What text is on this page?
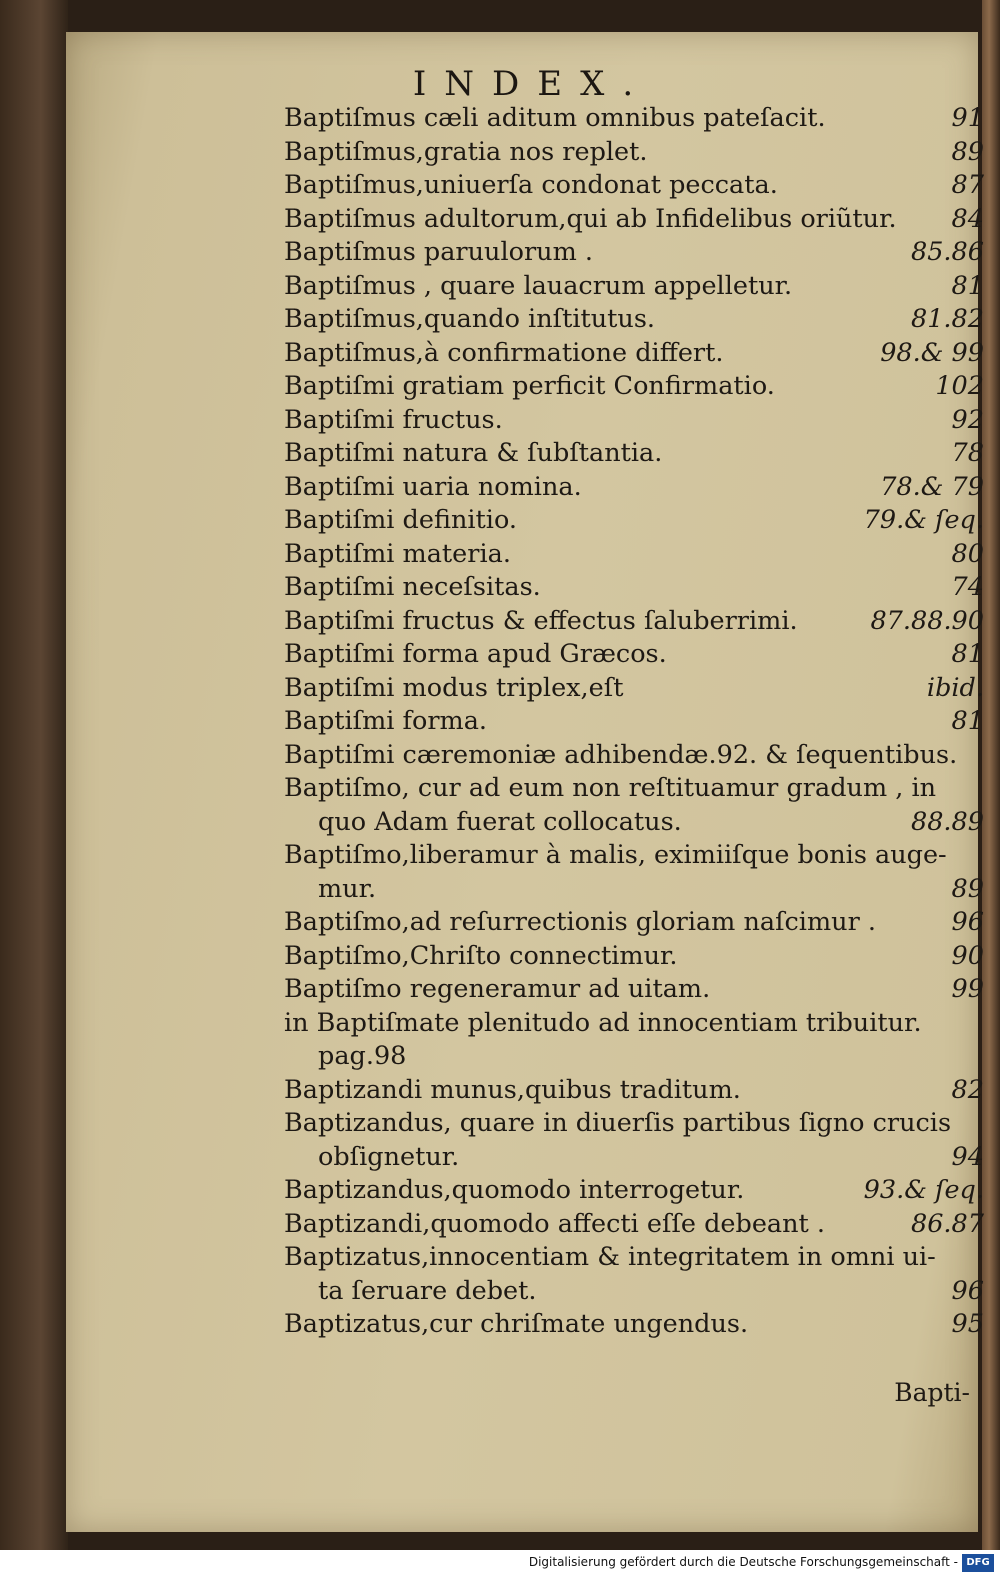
INDEX.
Baptiſmus cæli aditum omnibus pateſacit.	91
Baptiſmus,gratia nos replet.	89
Baptiſmus,uniuerſa condonat peccata.	87
Baptiſmus adultorum,qui ab Infidelibus oriũtur. 84
Baptiſmus paruulorum .	85.86
Baptiſmus , quare lauacrum appelletur.	81
Baptiſmus,quando inſtitutus.	81.82
Baptiſmus,à confirmatione differt.	98.& 99
Baptiſmi gratiam perficit Confirmatio.	102
Baptiſmi fructus.	92
Baptiſmi natura & ſubſtantia.	78
Baptiſmi uaria nomina.	78.& 79
Baptiſmi definitio.	79.& ſeq.
Baptiſmi materia.	80
Baptiſmi neceſsitas.	74
Baptiſmi fructus & effectus ſaluberrimi.	87.88.90
Baptiſmi forma apud Græcos.	81
Baptiſmi modus triplex,eſt	ibid.
Baptiſmi forma.	81
Baptiſmi cæremoniæ adhibendæ.92. & ſequentibus.
Baptiſmo, cur ad eum non reſtituamur gradum , in
quo Adam fuerat collocatus.	88.89
Baptiſmo,liberamur à malis, eximiiſque bonis auge-
mur.	89
Baptiſmo,ad reſurrectionis gloriam naſcimur .	96
Baptiſmo,Chriſto connectimur.	90
Baptiſmo regeneramur ad uitam.	99
in Baptiſmate plenitudo ad innocentiam tribuitur.
pag.98
Baptizandi munus,quibus traditum.	82
Baptizandus, quare in diuerſis partibus ſigno crucis
obſignetur.	94
Baptizandus,quomodo interrogetur.	93.& ſeq.
Baptizandi,quomodo affecti eſſe debeant .	86.87
Baptizatus,innocentiam & integritatem in omni ui-
ta ſeruare debet.	96
Baptizatus,cur chriſmate ungendus.	95
Bapti-
Digitalisierung gefördert durch die Deutsche Forschungsgemeinschaft - DFG
